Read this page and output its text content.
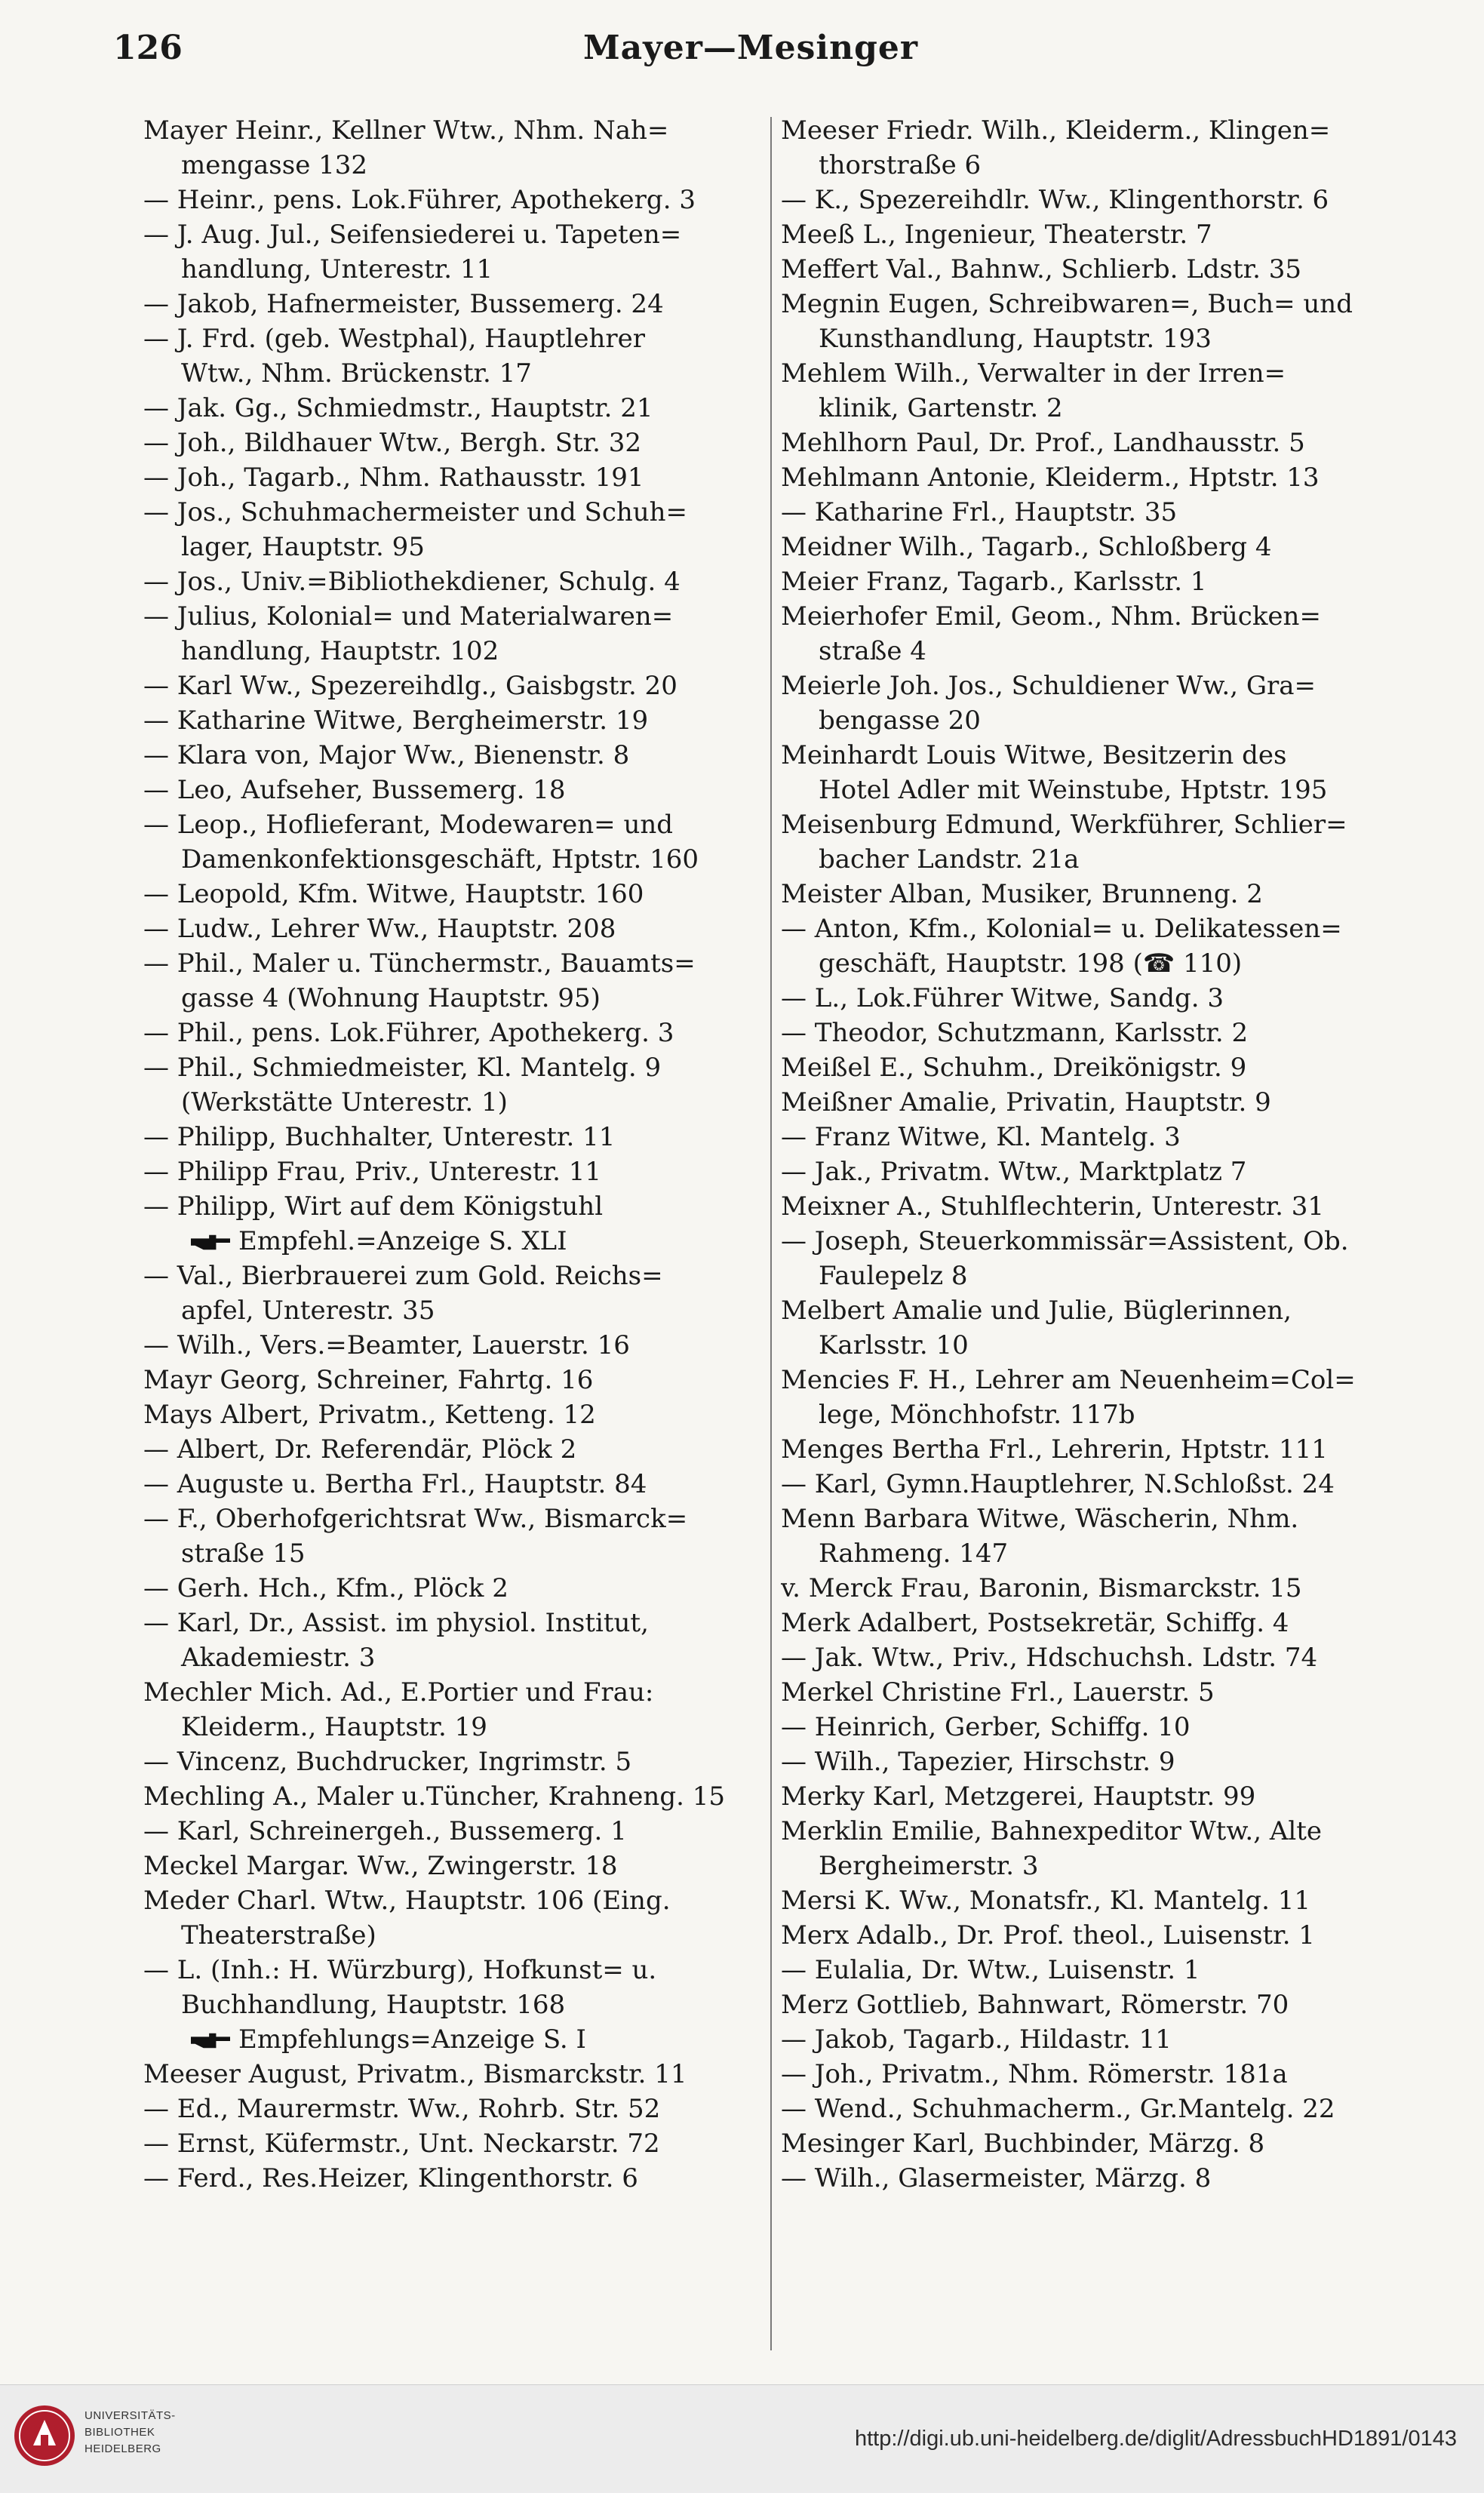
126	Mayer—Mesinger
Mayer Heinr., Kellner Wtw., Nhm. Nah=
mengasse 132
— Heinr., pens. Lok.Führer, Apothekerg. 3
— J. Aug. Jul., Seifensiederei u. Tapeten=
handlung, Unterestr. 11
— Jakob, Hafnermeister, Bussemerg. 24
— J. Frd. (geb. Westphal), Hauptlehrer
Wtw., Nhm. Brückenstr. 17
— Jak. Gg., Schmiedmstr., Hauptstr. 21
— Joh., Bildhauer Wtw., Bergh. Str. 32
— Joh., Tagarb., Nhm. Rathausstr. 191
— Jos., Schuhmachermeister und Schuh=
lager, Hauptstr. 95
— Jos., Univ.=Bibliothekdiener, Schulg. 4
— Julius, Kolonial= und Materialwaren=
handlung, Hauptstr. 102
— Karl Ww., Spezereihdlg., Gaisbgstr. 20
— Katharine Witwe, Bergheimerstr. 19
— Klara von, Major Ww., Bienenstr. 8
— Leo, Aufseher, Bussemerg. 18
— Leop., Hoflieferant, Modewaren= und
Damenkonfektionsgeschäft, Hptstr. 160
— Leopold, Kfm. Witwe, Hauptstr. 160
— Ludw., Lehrer Ww., Hauptstr. 208
— Phil., Maler u. Tünchermstr., Bauamts=
gasse 4 (Wohnung Hauptstr. 95)
— Phil., pens. Lok.Führer, Apothekerg. 3
— Phil., Schmiedmeister, Kl. Mantelg. 9
(Werkstätte Unterestr. 1)
— Philipp, Buchhalter, Unterestr. 11
— Philipp Frau, Priv., Unterestr. 11
— Philipp, Wirt auf dem Königstuhl
Empfehl.=Anzeige S. XLI
— Val., Bierbrauerei zum Gold. Reichs=
apfel, Unterestr. 35
— Wilh., Vers.=Beamter, Lauerstr. 16
Mayr Georg, Schreiner, Fahrtg. 16
Mays Albert, Privatm., Ketteng. 12
— Albert, Dr. Referendär, Plöck 2
— Auguste u. Bertha Frl., Hauptstr. 84
— F., Oberhofgerichtsrat Ww., Bismarck=
straße 15
— Gerh. Hch., Kfm., Plöck 2
— Karl, Dr., Assist. im physiol. Institut,
Akademiestr. 3
Mechler Mich. Ad., E.Portier und Frau:
Kleiderm., Hauptstr. 19
— Vincenz, Buchdrucker, Ingrimstr. 5
Mechling A., Maler u.Tüncher, Krahneng. 15
— Karl, Schreinergeh., Bussemerg. 1
Meckel Margar. Ww., Zwingerstr. 18
Meder Charl. Wtw., Hauptstr. 106 (Eing.
Theaterstraße)
— L. (Inh.: H. Würzburg), Hofkunst= u.
Buchhandlung, Hauptstr. 168
Empfehlungs=Anzeige S. I
Meeser August, Privatm., Bismarckstr. 11
— Ed., Maurermstr. Ww., Rohrb. Str. 52
— Ernst, Küfermstr., Unt. Neckarstr. 72
— Ferd., Res.Heizer, Klingenthorstr. 6
Meeser Friedr. Wilh., Kleiderm., Klingen=
thorstraße 6
— K., Spezereihdlr. Ww., Klingenthorstr. 6
Meeß L., Ingenieur, Theaterstr. 7
Meffert Val., Bahnw., Schlierb. Ldstr. 35
Megnin Eugen, Schreibwaren=, Buch= und
Kunsthandlung, Hauptstr. 193
Mehlem Wilh., Verwalter in der Irren=
klinik, Gartenstr. 2
Mehlhorn Paul, Dr. Prof., Landhausstr. 5
Mehlmann Antonie, Kleiderm., Hptstr. 13
— Katharine Frl., Hauptstr. 35
Meidner Wilh., Tagarb., Schloßberg 4
Meier Franz, Tagarb., Karlsstr. 1
Meierhofer Emil, Geom., Nhm. Brücken=
straße 4
Meierle Joh. Jos., Schuldiener Ww., Gra=
bengasse 20
Meinhardt Louis Witwe, Besitzerin des
Hotel Adler mit Weinstube, Hptstr. 195
Meisenburg Edmund, Werkführer, Schlier=
bacher Landstr. 21a
Meister Alban, Musiker, Brunneng. 2
— Anton, Kfm., Kolonial= u. Delikatessen=
geschäft, Hauptstr. 198 (☎ 110)
— L., Lok.Führer Witwe, Sandg. 3
— Theodor, Schutzmann, Karlsstr. 2
Meißel E., Schuhm., Dreikönigstr. 9
Meißner Amalie, Privatin, Hauptstr. 9
— Franz Witwe, Kl. Mantelg. 3
— Jak., Privatm. Wtw., Marktplatz 7
Meixner A., Stuhlflechterin, Unterestr. 31
— Joseph, Steuerkommissär=Assistent, Ob.
Faulepelz 8
Melbert Amalie und Julie, Büglerinnen,
Karlsstr. 10
Mencies F. H., Lehrer am Neuenheim=Col=
lege, Mönchhofstr. 117b
Menges Bertha Frl., Lehrerin, Hptstr. 111
— Karl, Gymn.Hauptlehrer, N.Schloßst. 24
Menn Barbara Witwe, Wäscherin, Nhm.
Rahmeng. 147
v. Merck Frau, Baronin, Bismarckstr. 15
Merk Adalbert, Postsekretär, Schiffg. 4
— Jak. Wtw., Priv., Hdschuchsh. Ldstr. 74
Merkel Christine Frl., Lauerstr. 5
— Heinrich, Gerber, Schiffg. 10
— Wilh., Tapezier, Hirschstr. 9
Merky Karl, Metzgerei, Hauptstr. 99
Merklin Emilie, Bahnexpeditor Wtw., Alte
Bergheimerstr. 3
Mersi K. Ww., Monatsfr., Kl. Mantelg. 11
Merx Adalb., Dr. Prof. theol., Luisenstr. 1
— Eulalia, Dr. Wtw., Luisenstr. 1
Merz Gottlieb, Bahnwart, Römerstr. 70
— Jakob, Tagarb., Hildastr. 11
— Joh., Privatm., Nhm. Römerstr. 181a
— Wend., Schuhmacherm., Gr.Mantelg. 22
Mesinger Karl, Buchbinder, Märzg. 8
— Wilh., Glasermeister, Märzg. 8
UNIVERSITÄTS-
BIBLIOTHEK
HEIDELBERG	http://digi.ub.uni-heidelberg.de/diglit/AdressbuchHD1891/0143
